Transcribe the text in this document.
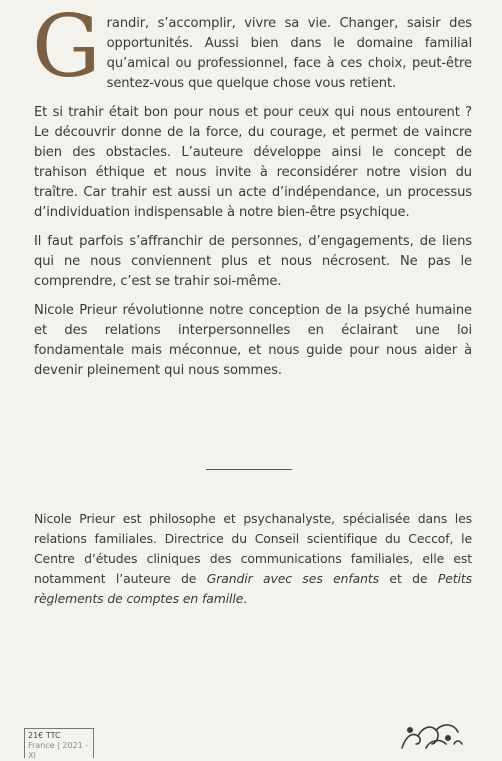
Grandir, s’accomplir, vivre sa vie. Changer, saisir des opportunités. Aussi bien dans le domaine familial qu’amical ou professionnel, face à ces choix, peut-être sentez-vous que quelque chose vous retient.

Et si trahir était bon pour nous et pour ceux qui nous entourent ? Le découvrir donne de la force, du courage, et permet de vaincre bien des obstacles. L’auteure développe ainsi le concept de trahison éthique et nous invite à reconsidérer notre vision du traître. Car trahir est aussi un acte d’indépendance, un processus d’individuation indispensable à notre bien-être psychique.

Il faut parfois s’affranchir de personnes, d’engagements, de liens qui ne nous conviennent plus et nous nécrosent. Ne pas le comprendre, c’est se trahir soi-même.

Nicole Prieur révolutionne notre conception de la psyché humaine et des relations interpersonnelles en éclairant une loi fondamentale mais méconnue, et nous guide pour nous aider à devenir pleinement qui nous sommes.

Nicole Prieur est philosophe et psychanalyste, spécialisée dans les relations familiales. Directrice du Conseil scientifique du Ceccof, le Centre d’études cliniques des communications familiales, elle est notamment l’auteure de Grandir avec ses enfants et de Petits règlements de comptes en famille.

21€ TTC
France | 2021 - XI
